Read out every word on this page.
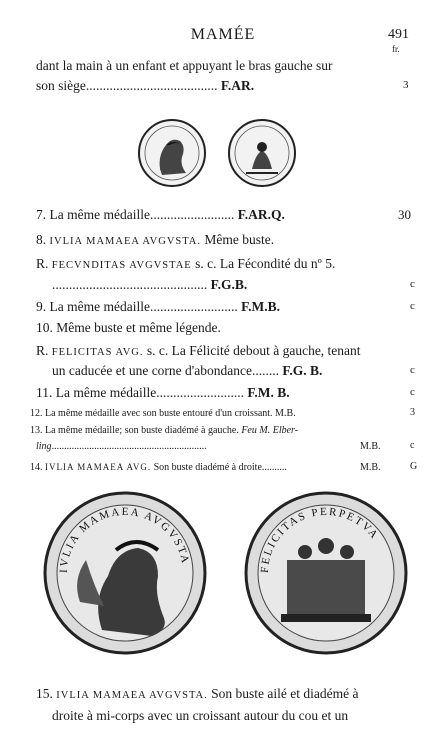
MAMÉE	491
fr.
dant la main à un enfant et appuyant le bras gauche sur
son siège....................................... F.AR.	3
7. La même médaille......................... F.AR.Q.	30
8. IVLIA MAMAEA AVGVSTA. Même buste.
R. FECVNDITAS AVGVSTAE s. c. La Fécondité du nº 5.
.............................................. F.G.B.	c
9. La même médaille.......................... F.M.B.	c
10. Même buste et même légende.
R. FELICITAS AVG. s. c. La Félicité debout à gauche, tenant
un caducée et une corne d'abondance........ F.G. B.	c
11. La même médaille.......................... F.M. B.	c
12. La même médaille avec son buste entouré d'un croissant. M.B.	3
13. La même médaille; son buste diadémé à gauche. Feu M. Elber-
ling..............................................................	M.B.	c
14. IVLIA MAMAEA AVG. Son buste diadémé à droite..........	M.B.	G
IVLIA MAMAEA AVGVSTA
FELICITAS PERPETVA
15. IVLIA MAMAEA AVGVSTA. Son buste ailé et diadémé à
droite à mi-corps avec un croissant autour du cou et un
